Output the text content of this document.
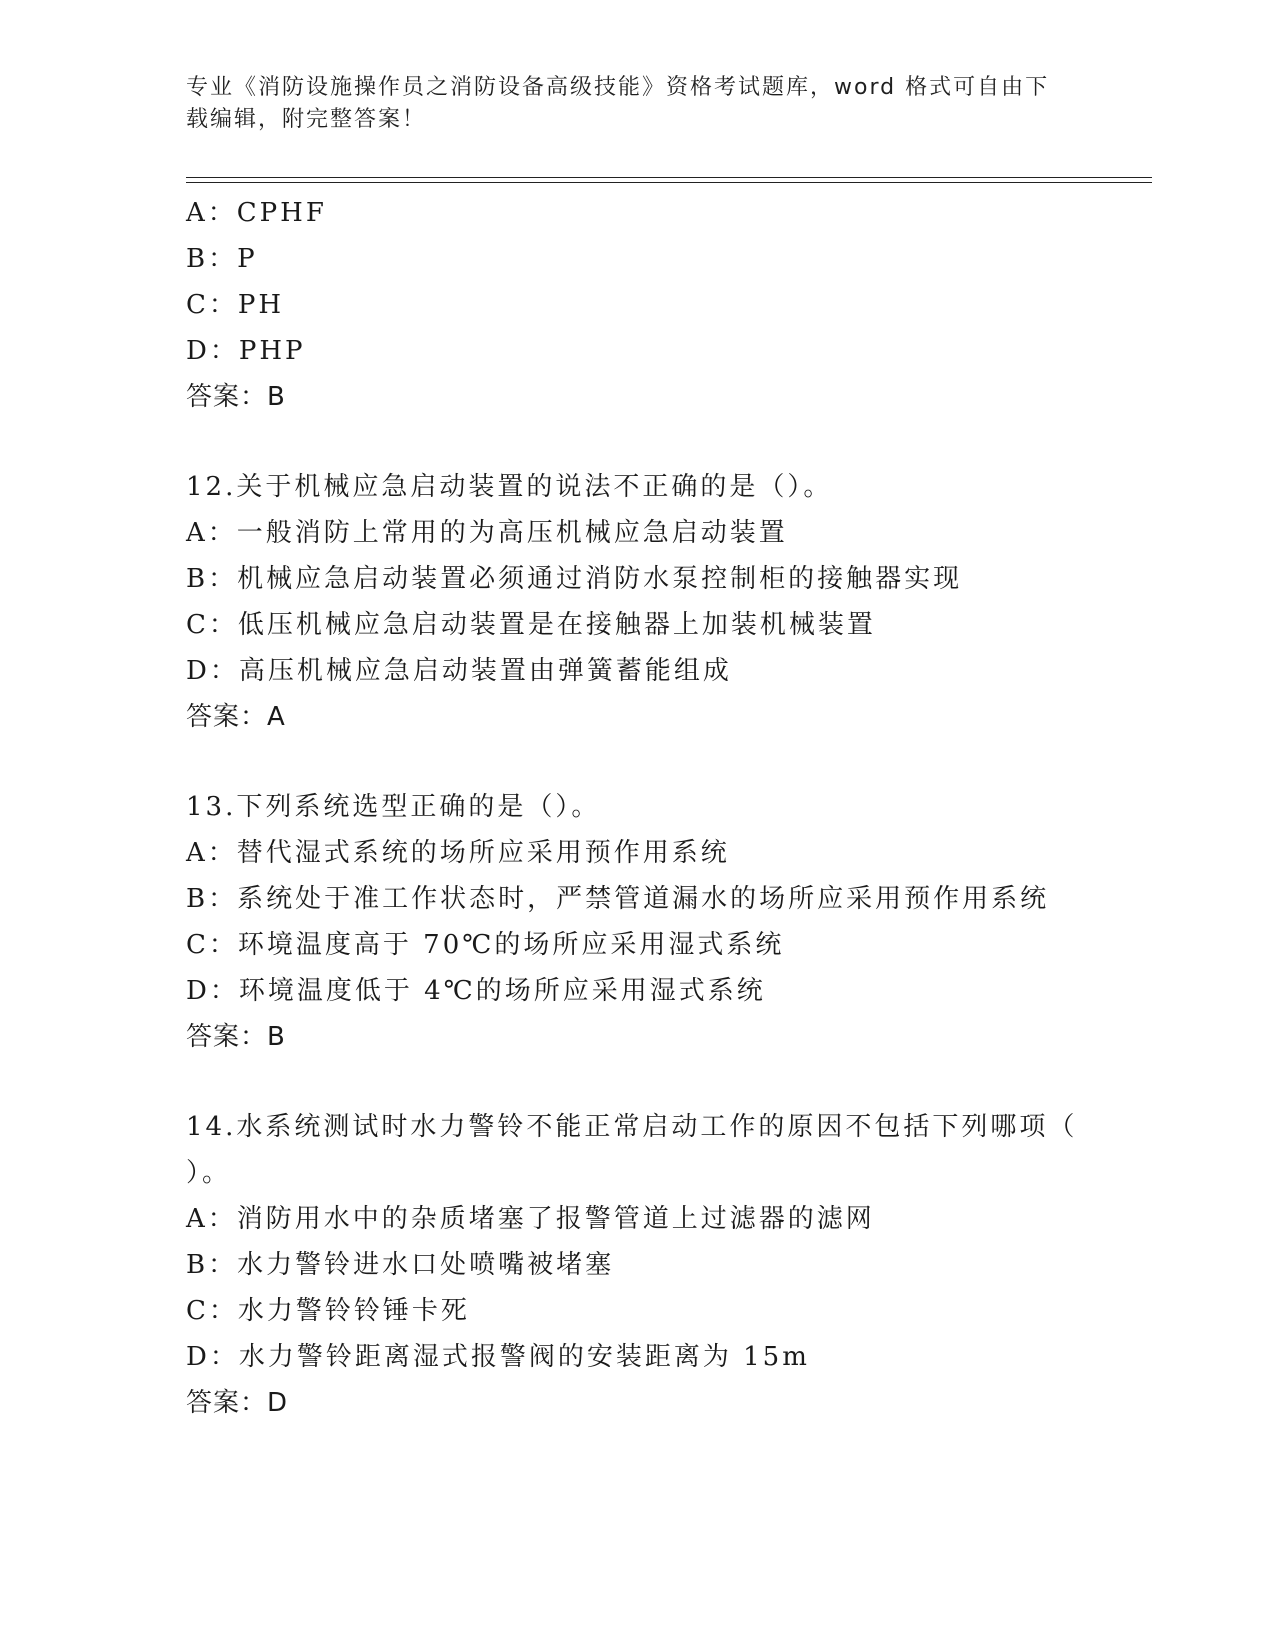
专业《消防设施操作员之消防设备高级技能》资格考试题库，word 格式可自由下
载编辑，附完整答案！
A：CPHF
B：P
C：PH
D：PHP
答案：B
12.关于机械应急启动装置的说法不正确的是（）。
A：一般消防上常用的为高压机械应急启动装置
B：机械应急启动装置必须通过消防水泵控制柜的接触器实现
C：低压机械应急启动装置是在接触器上加装机械装置
D：高压机械应急启动装置由弹簧蓄能组成
答案：A
13.下列系统选型正确的是（）。
A：替代湿式系统的场所应采用预作用系统
B：系统处于准工作状态时，严禁管道漏水的场所应采用预作用系统
C：环境温度高于 70℃的场所应采用湿式系统
D：环境温度低于 4℃的场所应采用湿式系统
答案：B
14.水系统测试时水力警铃不能正常启动工作的原因不包括下列哪项（
）。
A：消防用水中的杂质堵塞了报警管道上过滤器的滤网
B：水力警铃进水口处喷嘴被堵塞
C：水力警铃铃锤卡死
D：水力警铃距离湿式报警阀的安装距离为 15m
答案：D
